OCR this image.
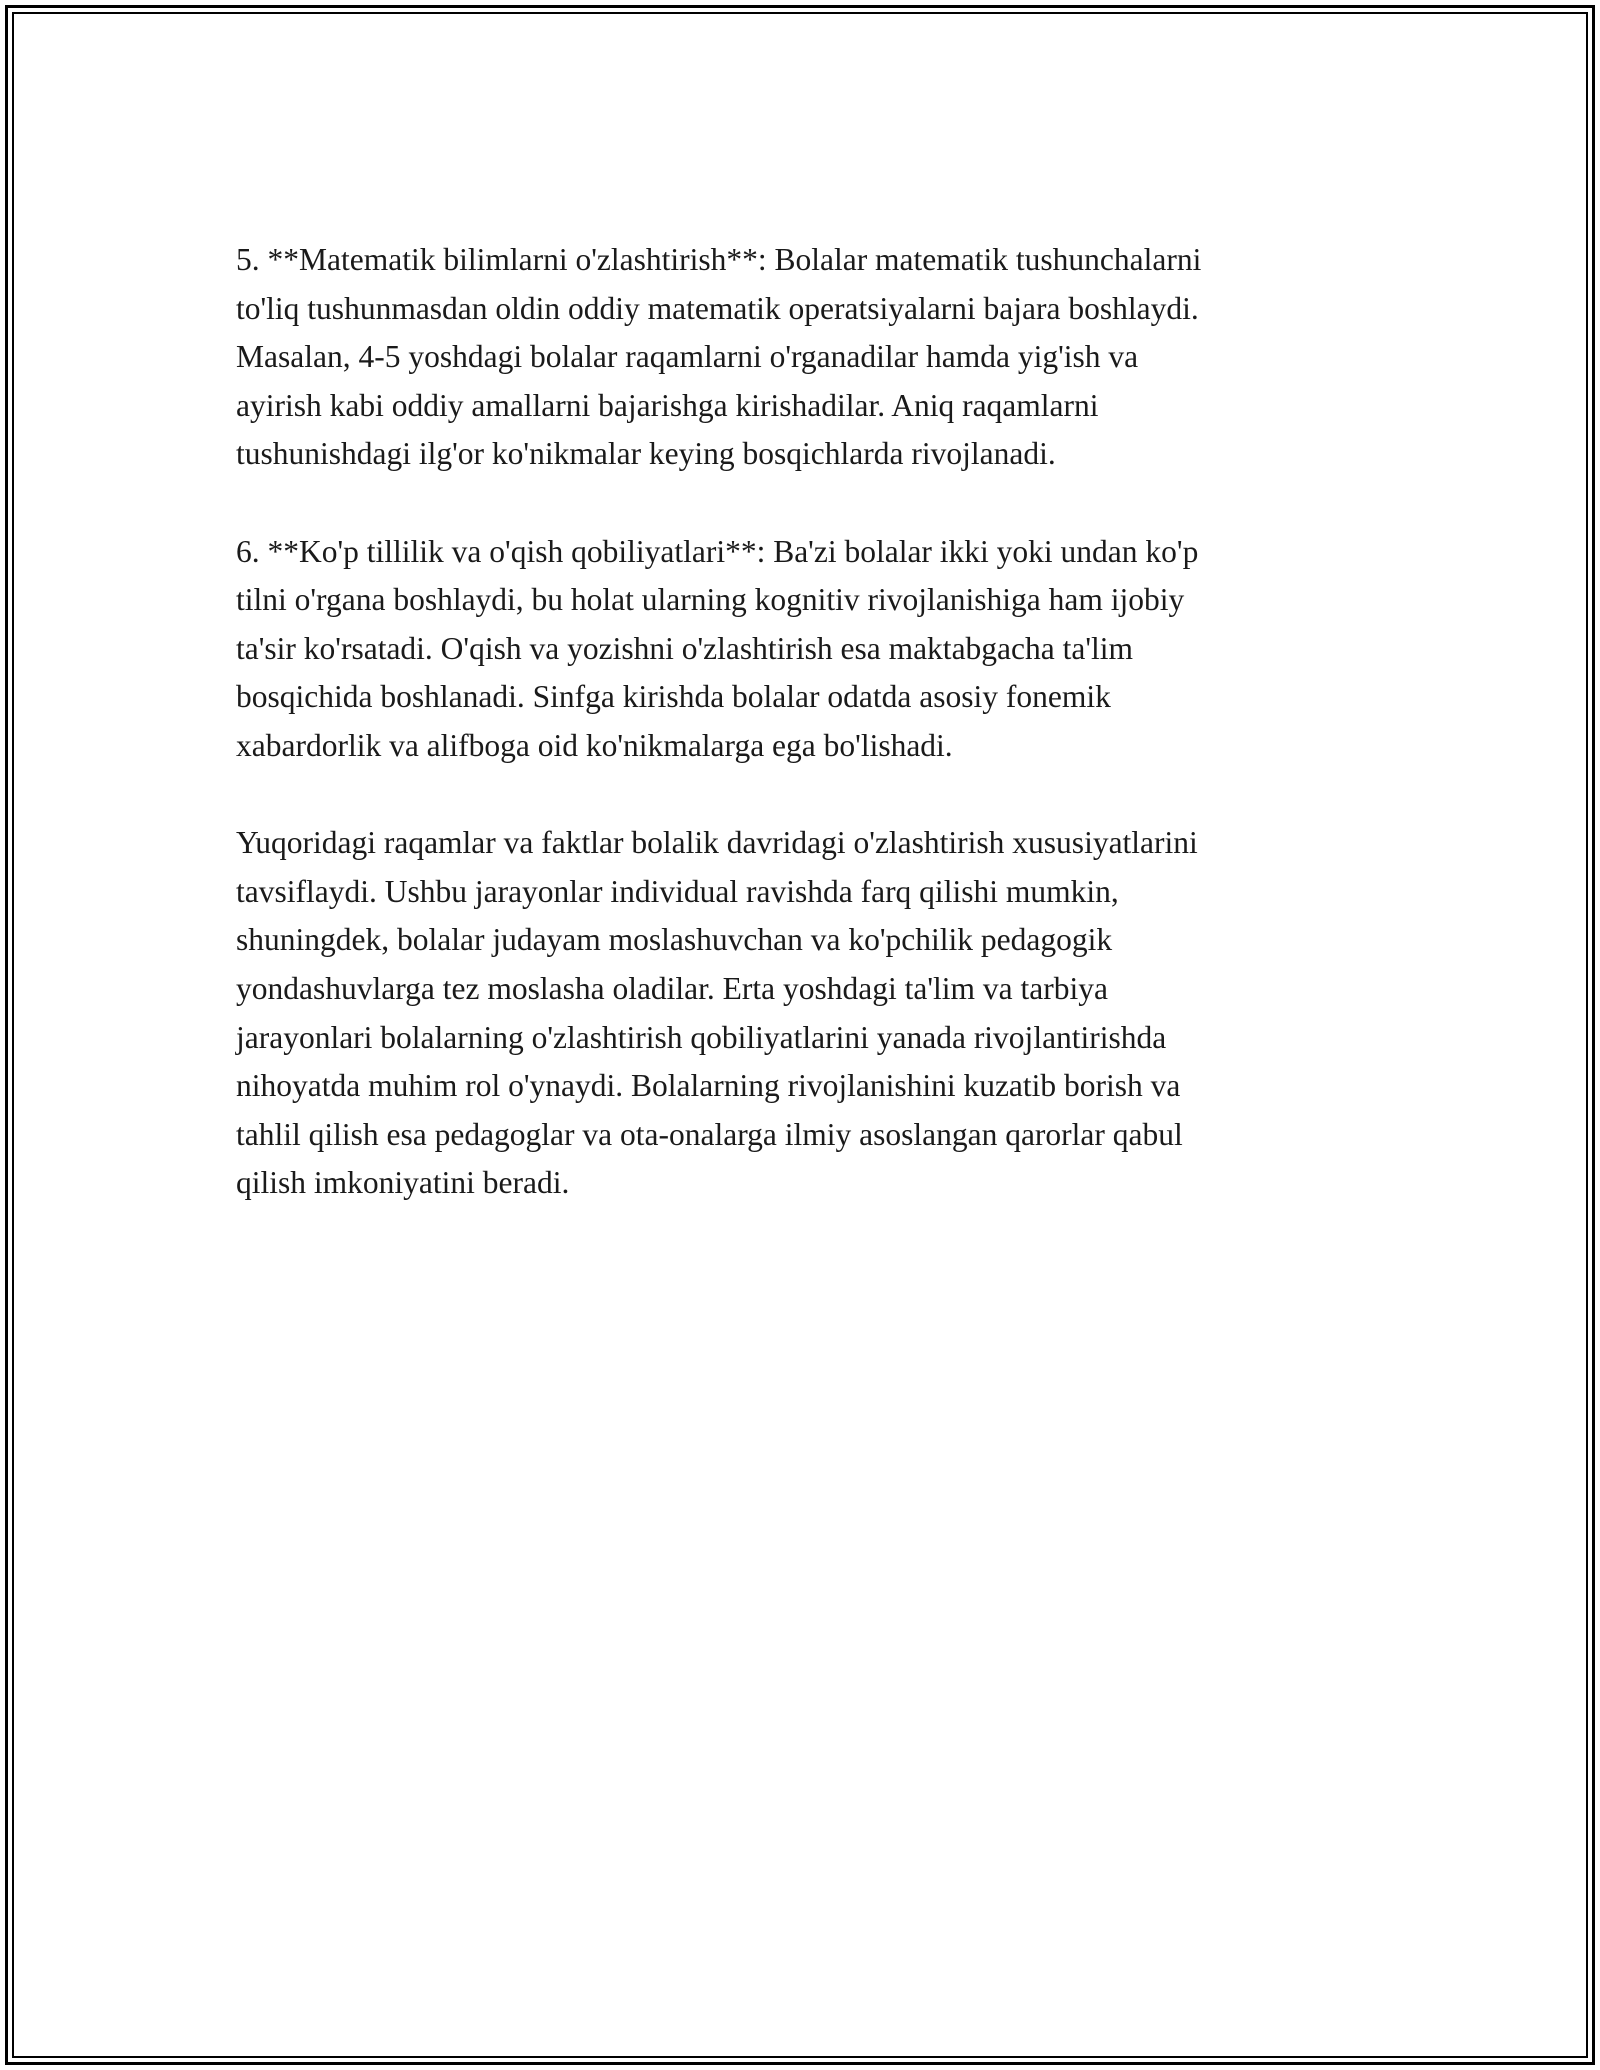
5. **Matematik bilimlarni o'zlashtirish**: Bolalar matematik tushunchalarni
to'liq tushunmasdan oldin oddiy matematik operatsiyalarni bajara boshlaydi.
Masalan, 4-5 yoshdagi bolalar raqamlarni o'rganadilar hamda yig'ish va
ayirish kabi oddiy amallarni bajarishga kirishadilar. Aniq raqamlarni
tushunishdagi ilg'or ko'nikmalar keying bosqichlarda rivojlanadi.

6. **Ko'p tillilik va o'qish qobiliyatlari**: Ba'zi bolalar ikki yoki undan ko'p
tilni o'rgana boshlaydi, bu holat ularning kognitiv rivojlanishiga ham ijobiy
ta'sir ko'rsatadi. O'qish va yozishni o'zlashtirish esa maktabgacha ta'lim
bosqichida boshlanadi. Sinfga kirishda bolalar odatda asosiy fonemik
xabardorlik va alifboga oid ko'nikmalarga ega bo'lishadi.

Yuqoridagi raqamlar va faktlar bolalik davridagi o'zlashtirish xususiyatlarini
tavsiflaydi. Ushbu jarayonlar individual ravishda farq qilishi mumkin,
shuningdek, bolalar judayam moslashuvchan va ko'pchilik pedagogik
yondashuvlarga tez moslasha oladilar. Erta yoshdagi ta'lim va tarbiya
jarayonlari bolalarning o'zlashtirish qobiliyatlarini yanada rivojlantirishda
nihoyatda muhim rol o'ynaydi. Bolalarning rivojlanishini kuzatib borish va
tahlil qilish esa pedagoglar va ota-onalarga ilmiy asoslangan qarorlar qabul
qilish imkoniyatini beradi.
